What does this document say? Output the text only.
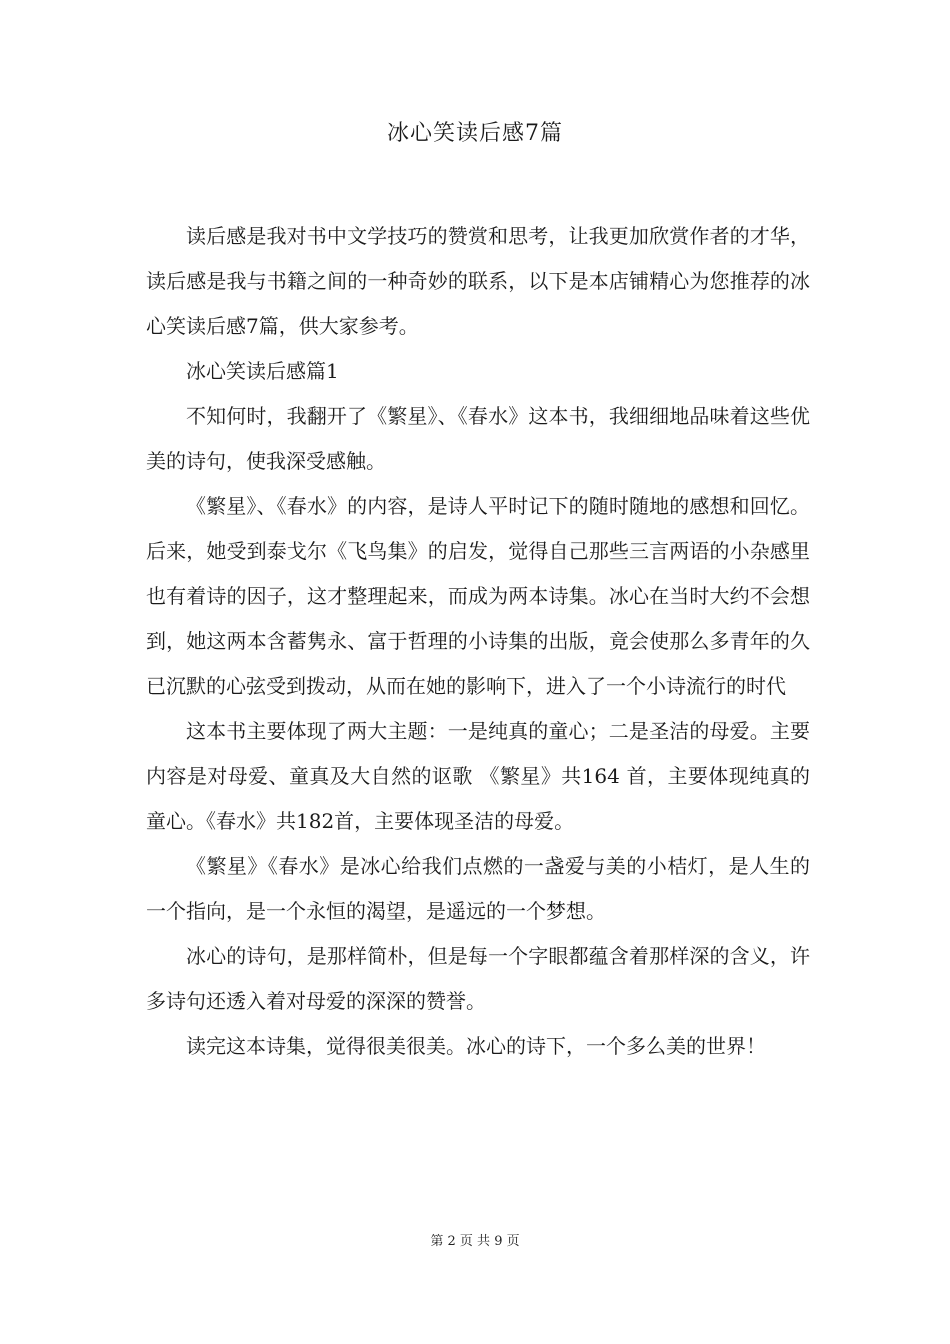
冰心笑读后感7篇

读后感是我对书中文学技巧的赞赏和思考，让我更加欣赏作者的才华，读后感是我与书籍之间的一种奇妙的联系，以下是本店铺精心为您推荐的冰心笑读后感7篇，供大家参考。

冰心笑读后感篇1

不知何时，我翻开了《繁星》、《春水》这本书，我细细地品味着这些优美的诗句，使我深受感触。

《繁星》、《春水》的内容，是诗人平时记下的随时随地的感想和回忆。后来，她受到泰戈尔《飞鸟集》的启发，觉得自己那些三言两语的小杂感里也有着诗的因子，这才整理起来，而成为两本诗集。冰心在当时大约不会想到，她这两本含蓄隽永、富于哲理的小诗集的出版，竟会使那么多青年的久已沉默的心弦受到拨动，从而在她的影响下，进入了一个小诗流行的时代

这本书主要体现了两大主题：一是纯真的童心；二是圣洁的母爱。主要内容是对母爱、童真及大自然的讴歌 《繁星》共164 首，主要体现纯真的童心。《春水》共182首，主要体现圣洁的母爱。

《繁星》《春水》是冰心给我们点燃的一盏爱与美的小桔灯，是人生的一个指向，是一个永恒的渴望，是遥远的一个梦想。

冰心的诗句，是那样简朴，但是每一个字眼都蕴含着那样深的含义，许多诗句还透入着对母爱的深深的赞誉。

读完这本诗集，觉得很美很美。冰心的诗下，一个多么美的世界！

第 2 页 共 9 页
